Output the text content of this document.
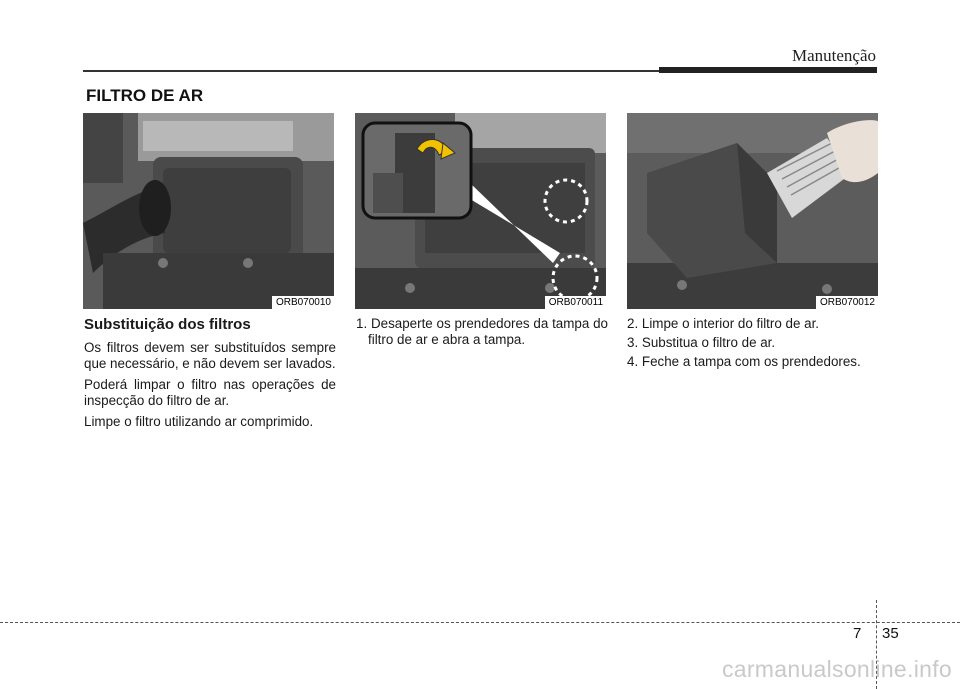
Manutenção
FILTRO DE AR
ORB070010	ORB070011	ORB070012
Substituição dos filtros
Os filtros devem ser substituídos sempre que necessário, e não devem ser lavados.
Poderá limpar o filtro nas operações de inspecção do filtro de ar.
Limpe o filtro utilizando ar comprimido.
1. Desaperte os prendedores da tampa do filtro de ar e abra a tampa.
2. Limpe o interior do filtro de ar.
3. Substitua o filtro de ar.
4. Feche a tampa com os prendedores.
7 35
carmanualsonline.info
